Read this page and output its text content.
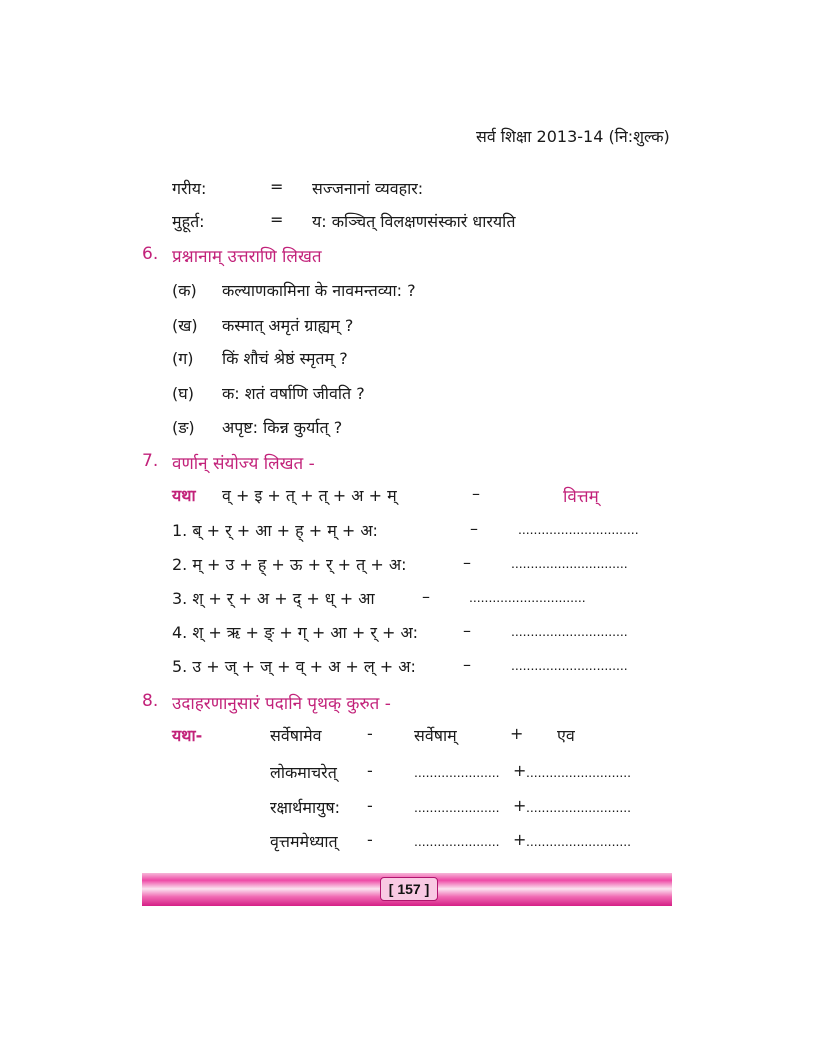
सर्व शिक्षा 2013-14 (नि:शुल्क)
गरीय:	= सज्जनानां व्यवहार:
मुहूर्त:	= य: कञ्चित् विलक्षणसंस्कारं धारयति
6. प्रश्नानाम् उत्तराणि लिखत
(क) कल्याणकामिना के नावमन्तव्या: ?
(ख) कस्मात् अमृतं ग्राह्यम् ?
(ग) किं शौचं श्रेष्ठं स्मृतम् ?
(घ) क: शतं वर्षाणि जीवति ?
(ङ) अपृष्ट: किन्न कुर्यात् ?
7. वर्णान् संयोज्य लिखत -
यथा व् + इ + त् + त् + अ + म्	–	वित्तम्
1. ब् + र् + आ + ह् + म् + अ:	–	...............................
2. म् + उ + ह् + ऊ + र् + त् + अ:	–	..............................
3. श् + र् + अ + द् + ध् + आ	–	..............................
4. श् + ऋ + ङ् + ग् + आ + र् + अ:	–	..............................
5. उ + ज् + ज् + व् + अ + ल् + अ:	–	..............................
8. उदाहरणानुसारं पदानि पृथक् कुरुत -
यथा-	सर्वेषामेव	-	सर्वेषाम्	+ एव
लोकमाचरेत् -	...................... + ...........................
रक्षार्थमायुष: -	...................... + ...........................
वृत्तममेध्यात् -	...................... + ...........................
[ 157 ]
